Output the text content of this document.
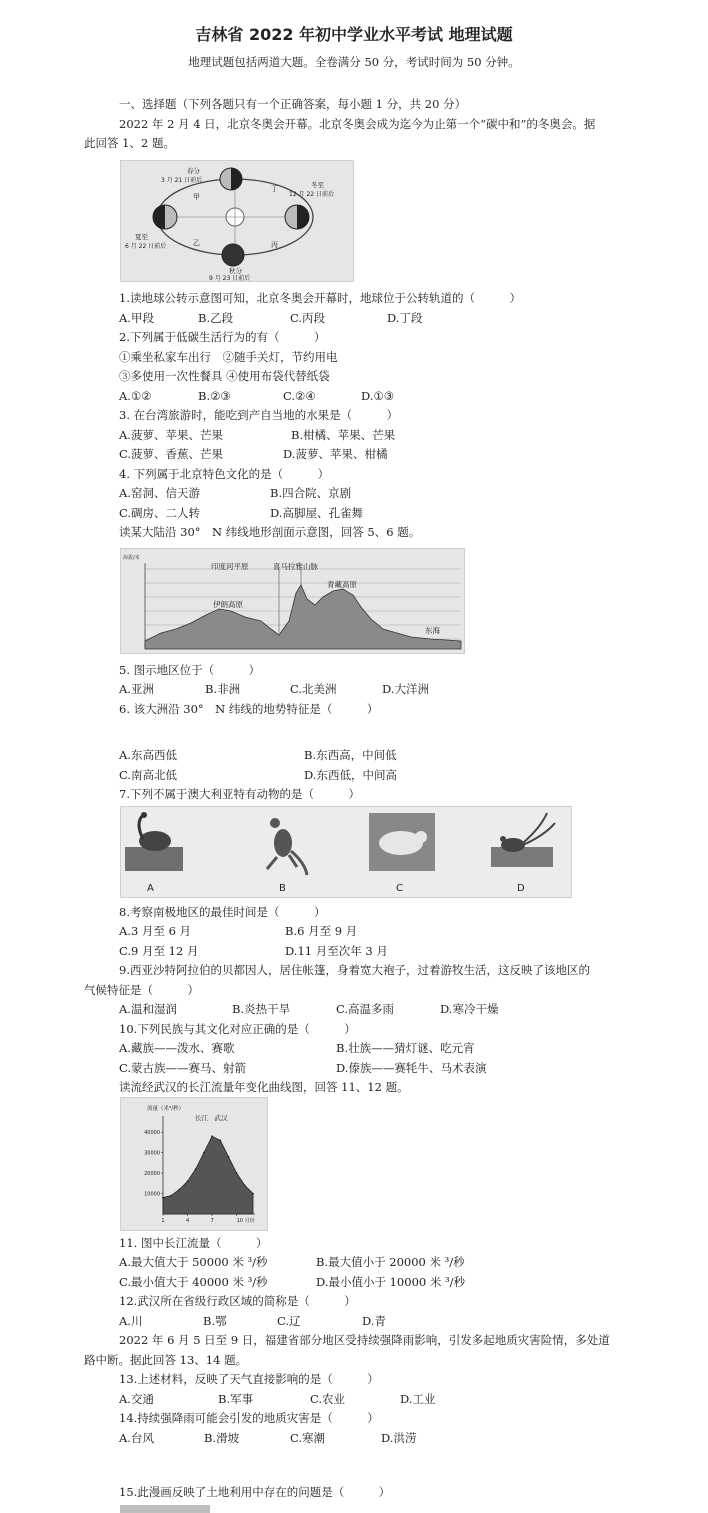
吉林省 2022 年初中学业水平考试 地理试题
地理试题包括两道大题。全卷满分 50 分，考试时间为 50 分钟。
一、选择题（下列各题只有一个正确答案，每小题 1 分，共 20 分）
2022 年 2 月 4 日，北京冬奥会开幕。北京冬奥会成为迄今为止第一个“碳中和”的冬奥会。据
此回答 1、2 题。
春分
3 月 21 日前后
冬至
12 月 22 日前后
夏至
6 月 22 日前后
秋分
9 月 23 日前后
甲
乙	丙
丁
1.读地球公转示意图可知，北京冬奥会开幕时，地球位于公转轨道的（　　　）
A.甲段	B.乙段	C.丙段	D.丁段
2.下列属于低碳生活行为的有（　　　）
①乘坐私家车出行　②随手关灯，节约用电
③多使用一次性餐具 ④使用布袋代替纸袋
A.①②	B.②③	C.②④	D.①③
3. 在台湾旅游时，能吃到产自当地的水果是（　　　）
A.菠萝、苹果、芒果	B.柑橘、苹果、芒果
C.菠萝、香蕉、芒果	D.菠萝、苹果、柑橘
4. 下列属于北京特色文化的是（　　　）
A.窑洞、信天游	B.四合院、京剧
C.碉房、二人转	D.高脚屋、孔雀舞
读某大陆沿 30°　N 纬线地形剖面示意图，回答 5、6 题。
海拔/米
印度河平原	喜马拉雅山脉
青藏高原
伊朗高原
东海
5. 图示地区位于（　　　）
A.亚洲	B.非洲	C.北美洲	D.大洋洲
6. 该大洲沿 30°　N 纬线的地势特征是（　　　）
A.东高西低	B.东西高，中间低
C.南高北低	D.东西低，中间高
7.下列不属于澳大利亚特有动物的是（　　　）
A	B	C	D
8.考察南极地区的最佳时间是（　　　）
A.3 月至 6 月	B.6 月至 9 月
C.9 月至 12 月	D.11 月至次年 3 月
9.西亚沙特阿拉伯的贝都因人，居住帐篷，身着宽大袍子，过着游牧生活，这反映了该地区的
气候特征是（　　　）
A.温和湿润	B.炎热干旱	C.高温多雨	D.寒冷干燥
10.下列民族与其文化对应正确的是（　　　）
A.藏族——泼水、赛歌	B.壮族——猜灯谜、吃元宵
C.蒙古族——赛马、射箭	D.傣族——赛牦牛、马术表演
读流经武汉的长江流量年变化曲线图，回答 11、12 题。
流量（米³/秒）
长江　武汉
10000
20000
30000
40000
1	4	7	10 月份
11. 图中长江流量（　　　）
A.最大值大于 50000 米 ³/秒	B.最大值小于 20000 米 ³/秒
C.最小值大于 40000 米 ³/秒	D.最小值小于 10000 米 ³/秒
12.武汉所在省级行政区域的简称是（　　　）
A.川	B.鄂	C.辽	D.青
2022 年 6 月 5 日至 9 日，福建省部分地区受持续强降雨影响，引发多起地质灾害险情，多处道
路中断。据此回答 13、14 题。
13.上述材料，反映了天气直接影响的是（　　　）
A.交通	B.军事	C.农业	D.工业
14.持续强降雨可能会引发的地质灾害是（　　　）
A.台风	B.滑坡	C.寒潮	D.洪涝
15.此漫画反映了土地利用中存在的问题是（　　　）
